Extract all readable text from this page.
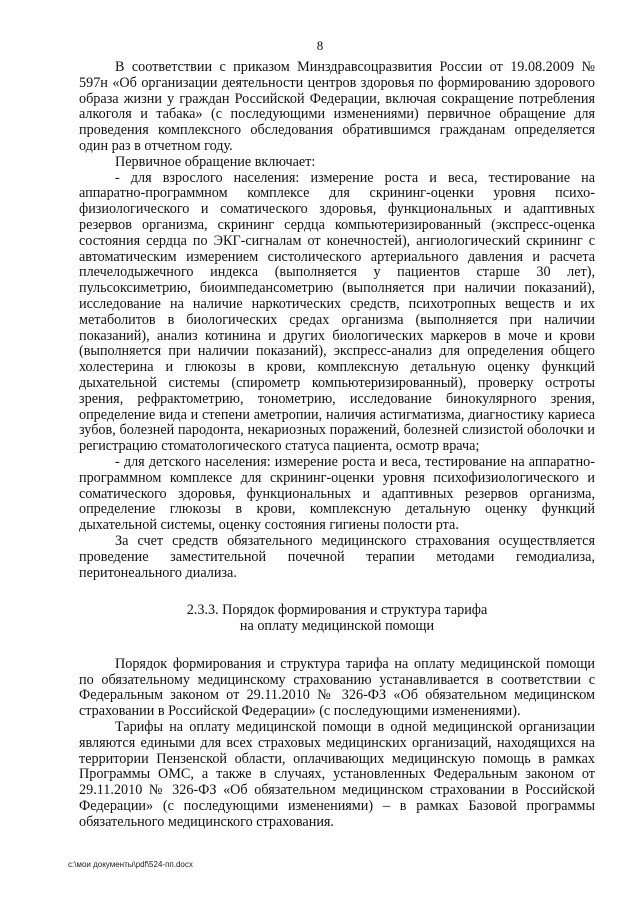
8

В соответствии с приказом Минздравсоцразвития России от 19.08.2009 № 597н «Об организации деятельности центров здоровья по формированию здорового образа жизни у граждан Российской Федерации, включая сокращение потребления алкоголя и табака» (с последующими изменениями) первичное обращение для проведения комплексного обследования обратившимся гражданам определяется один раз в отчетном году.

Первичное обращение включает:

- для взрослого населения: измерение роста и веса, тестирование на аппаратно-программном комплексе для скрининг-оценки уровня психо-физиологического и соматического здоровья, функциональных и адаптивных резервов организма, скрининг сердца компьютеризированный (экспресс-оценка состояния сердца по ЭКГ-сигналам от конечностей), ангиологический скрининг с автоматическим измерением систолического артериального давления и расчета плечелодыжечного индекса (выполняется у пациентов старше 30 лет), пульсоксиметрию, биоимпедансометрию (выполняется при наличии показаний), исследование на наличие наркотических средств, психотропных веществ и их метаболитов в биологических средах организма (выполняется при наличии показаний), анализ котинина и других биологических маркеров в моче и крови (выполняется при наличии показаний), экспресс-анализ для определения общего холестерина и глюкозы в крови, комплексную детальную оценку функций дыхательной системы (спирометр компьютеризированный), проверку остроты зрения, рефрактометрию, тонометрию, исследование бинокулярного зрения, определение вида и степени аметропии, наличия астигматизма, диагностику кариеса зубов, болезней пародонта, некариозных поражений, болезней слизистой оболочки и регистрацию стоматологического статуса пациента, осмотр врача;

- для детского населения: измерение роста и веса, тестирование на аппаратно-программном комплексе для скрининг-оценки уровня психофизиологического и соматического здоровья, функциональных и адаптивных резервов организма, определение глюкозы в крови, комплексную детальную оценку функций дыхательной системы, оценку состояния гигиены полости рта.

За счет средств обязательного медицинского страхования осуществляется проведение заместительной почечной терапии методами гемодиализа, перитонеального диализа.

2.3.3. Порядок формирования и структура тарифа
на оплату медицинской помощи

Порядок формирования и структура тарифа на оплату медицинской помощи по обязательному медицинскому страхованию устанавливается в соответствии с Федеральным законом от 29.11.2010 № 326-ФЗ «Об обязательном медицинском страховании в Российской Федерации» (с последующими изменениями).

Тарифы на оплату медицинской помощи в одной медицинской организации являются едиными для всех страховых медицинских организаций, находящихся на территории Пензенской области, оплачивающих медицинскую помощь в рамках Программы ОМС, а также в случаях, установленных Федеральным законом от 29.11.2010 № 326-ФЗ «Об обязательном медицинском страховании в Российской Федерации» (с последующими изменениями) – в рамках Базовой программы обязательного медицинского страхования.

c:\мои документы\pdf\524-пп.docx
